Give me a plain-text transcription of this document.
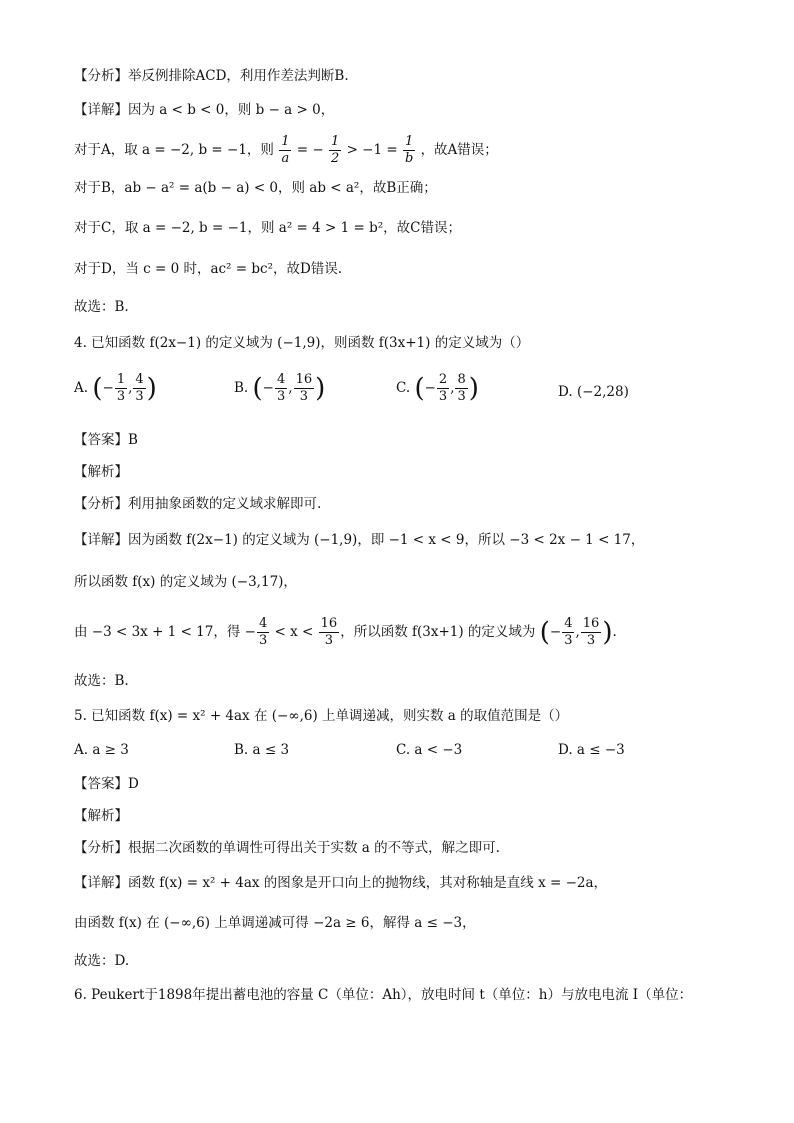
【分析】举反例排除ACD，利用作差法判断B.
【详解】因为 a < b < 0，则 b − a > 0，
对于A，取 a = −2, b = −1，则 $\frac{1}{a}$ = − $\frac{1}{2} > -1 = \frac{1}{b}$ ，故A错误；
对于B，ab − a² = a(b − a) < 0，则 ab < a²，故B正确；
对于C，取 a = −2, b = −1，则 a² = 4 > 1 = b²，故C错误；
对于D，当 c = 0 时，ac² = bc²，故D错误.
故选：B.
4. 已知函数 f(2x−1) 的定义域为 (−1,9)，则函数 f(3x+1) 的定义域为（）
A. (− $\frac{1}{3}$ , $\frac{4}{3}$ )	B. (− $\frac{4}{3}$ , $\frac{16}{3}$ )	C. (− $\frac{2}{3}$ , $\frac{8}{3}$ )	D. (−2,28)
【答案】B
【解析】
【分析】利用抽象函数的定义域求解即可.
【详解】因为函数 f(2x−1) 的定义域为 (−1,9)，即 −1 < x < 9，所以 −3 < 2x − 1 < 17，
所以函数 f(x) 的定义域为 (−3,17)，
由 −3 < 3x + 1 < 17，得 − $\frac{4}{3} < x < \frac{16}{3}$ ，所以函数 f(3x+1) 的定义域为 (− $\frac{4}{3}$ , $\frac{16}{3}$ ).
故选：B.
5. 已知函数 f(x) = x² + 4ax 在 (−∞,6) 上单调递减，则实数 a 的取值范围是（）
A. a ≥ 3	B. a ≤ 3	C. a < −3	D. a ≤ −3
【答案】D
【解析】
【分析】根据二次函数的单调性可得出关于实数 a 的不等式，解之即可.
【详解】函数 f(x) = x² + 4ax 的图象是开口向上的抛物线，其对称轴是直线 x = −2a，
由函数 f(x) 在 (−∞,6) 上单调递减可得 −2a ≥ 6，解得 a ≤ −3，
故选：D.
6. Peukert于1898年提出蓄电池的容量 C（单位：Ah），放电时间 t（单位：h）与放电电流 I（单位：
